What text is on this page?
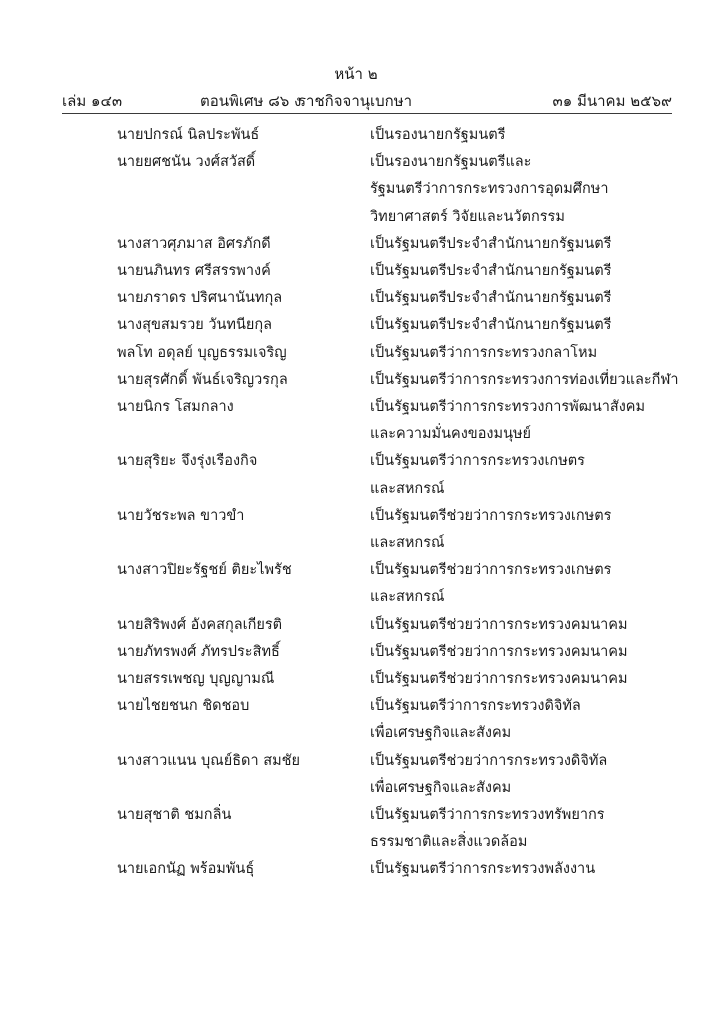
หน้า ๒
เล่ม ๑๔๓	ตอนพิเศษ ๘๖ ง
ราชกิจจานุเบกษา	๓๑ มีนาคม ๒๕๖๙
นายปกรณ์ นิลประพันธ์	เป็นรองนายกรัฐมนตรี
นายยศชนัน วงศ์สวัสดิ์	เป็นรองนายกรัฐมนตรีและ
รัฐมนตรีว่าการกระทรวงการอุดมศึกษา
วิทยาศาสตร์ วิจัยและนวัตกรรม
นางสาวศุภมาส อิศรภักดี	เป็นรัฐมนตรีประจำสำนักนายกรัฐมนตรี
นายนภินทร ศรีสรรพางค์	เป็นรัฐมนตรีประจำสำนักนายกรัฐมนตรี
นายภราดร ปริศนานันทกุล	เป็นรัฐมนตรีประจำสำนักนายกรัฐมนตรี
นางสุขสมรวย วันทนียกุล	เป็นรัฐมนตรีประจำสำนักนายกรัฐมนตรี
พลโท อดุลย์ บุญธรรมเจริญ	เป็นรัฐมนตรีว่าการกระทรวงกลาโหม
นายสุรศักดิ์ พันธ์เจริญวรกุล	เป็นรัฐมนตรีว่าการกระทรวงการท่องเที่ยวและกีฬา
นายนิกร โสมกลาง	เป็นรัฐมนตรีว่าการกระทรวงการพัฒนาสังคม
และความมั่นคงของมนุษย์
นายสุริยะ จึงรุ่งเรืองกิจ	เป็นรัฐมนตรีว่าการกระทรวงเกษตร
และสหกรณ์
นายวัชระพล ขาวขำ	เป็นรัฐมนตรีช่วยว่าการกระทรวงเกษตร
และสหกรณ์
นางสาวปิยะรัฐชย์ ติยะไพรัช	เป็นรัฐมนตรีช่วยว่าการกระทรวงเกษตร
และสหกรณ์
นายสิริพงศ์ อังคสกุลเกียรติ	เป็นรัฐมนตรีช่วยว่าการกระทรวงคมนาคม
นายภัทรพงศ์ ภัทรประสิทธิ์	เป็นรัฐมนตรีช่วยว่าการกระทรวงคมนาคม
นายสรรเพชญ บุญญามณี	เป็นรัฐมนตรีช่วยว่าการกระทรวงคมนาคม
นายไชยชนก ชิดชอบ	เป็นรัฐมนตรีว่าการกระทรวงดิจิทัล
เพื่อเศรษฐกิจและสังคม
นางสาวแนน บุณย์ธิดา สมชัย	เป็นรัฐมนตรีช่วยว่าการกระทรวงดิจิทัล
เพื่อเศรษฐกิจและสังคม
นายสุชาติ ชมกลิ่น	เป็นรัฐมนตรีว่าการกระทรวงทรัพยากร
ธรรมชาติและสิ่งแวดล้อม
นายเอกนัฏ พร้อมพันธุ์	เป็นรัฐมนตรีว่าการกระทรวงพลังงาน
